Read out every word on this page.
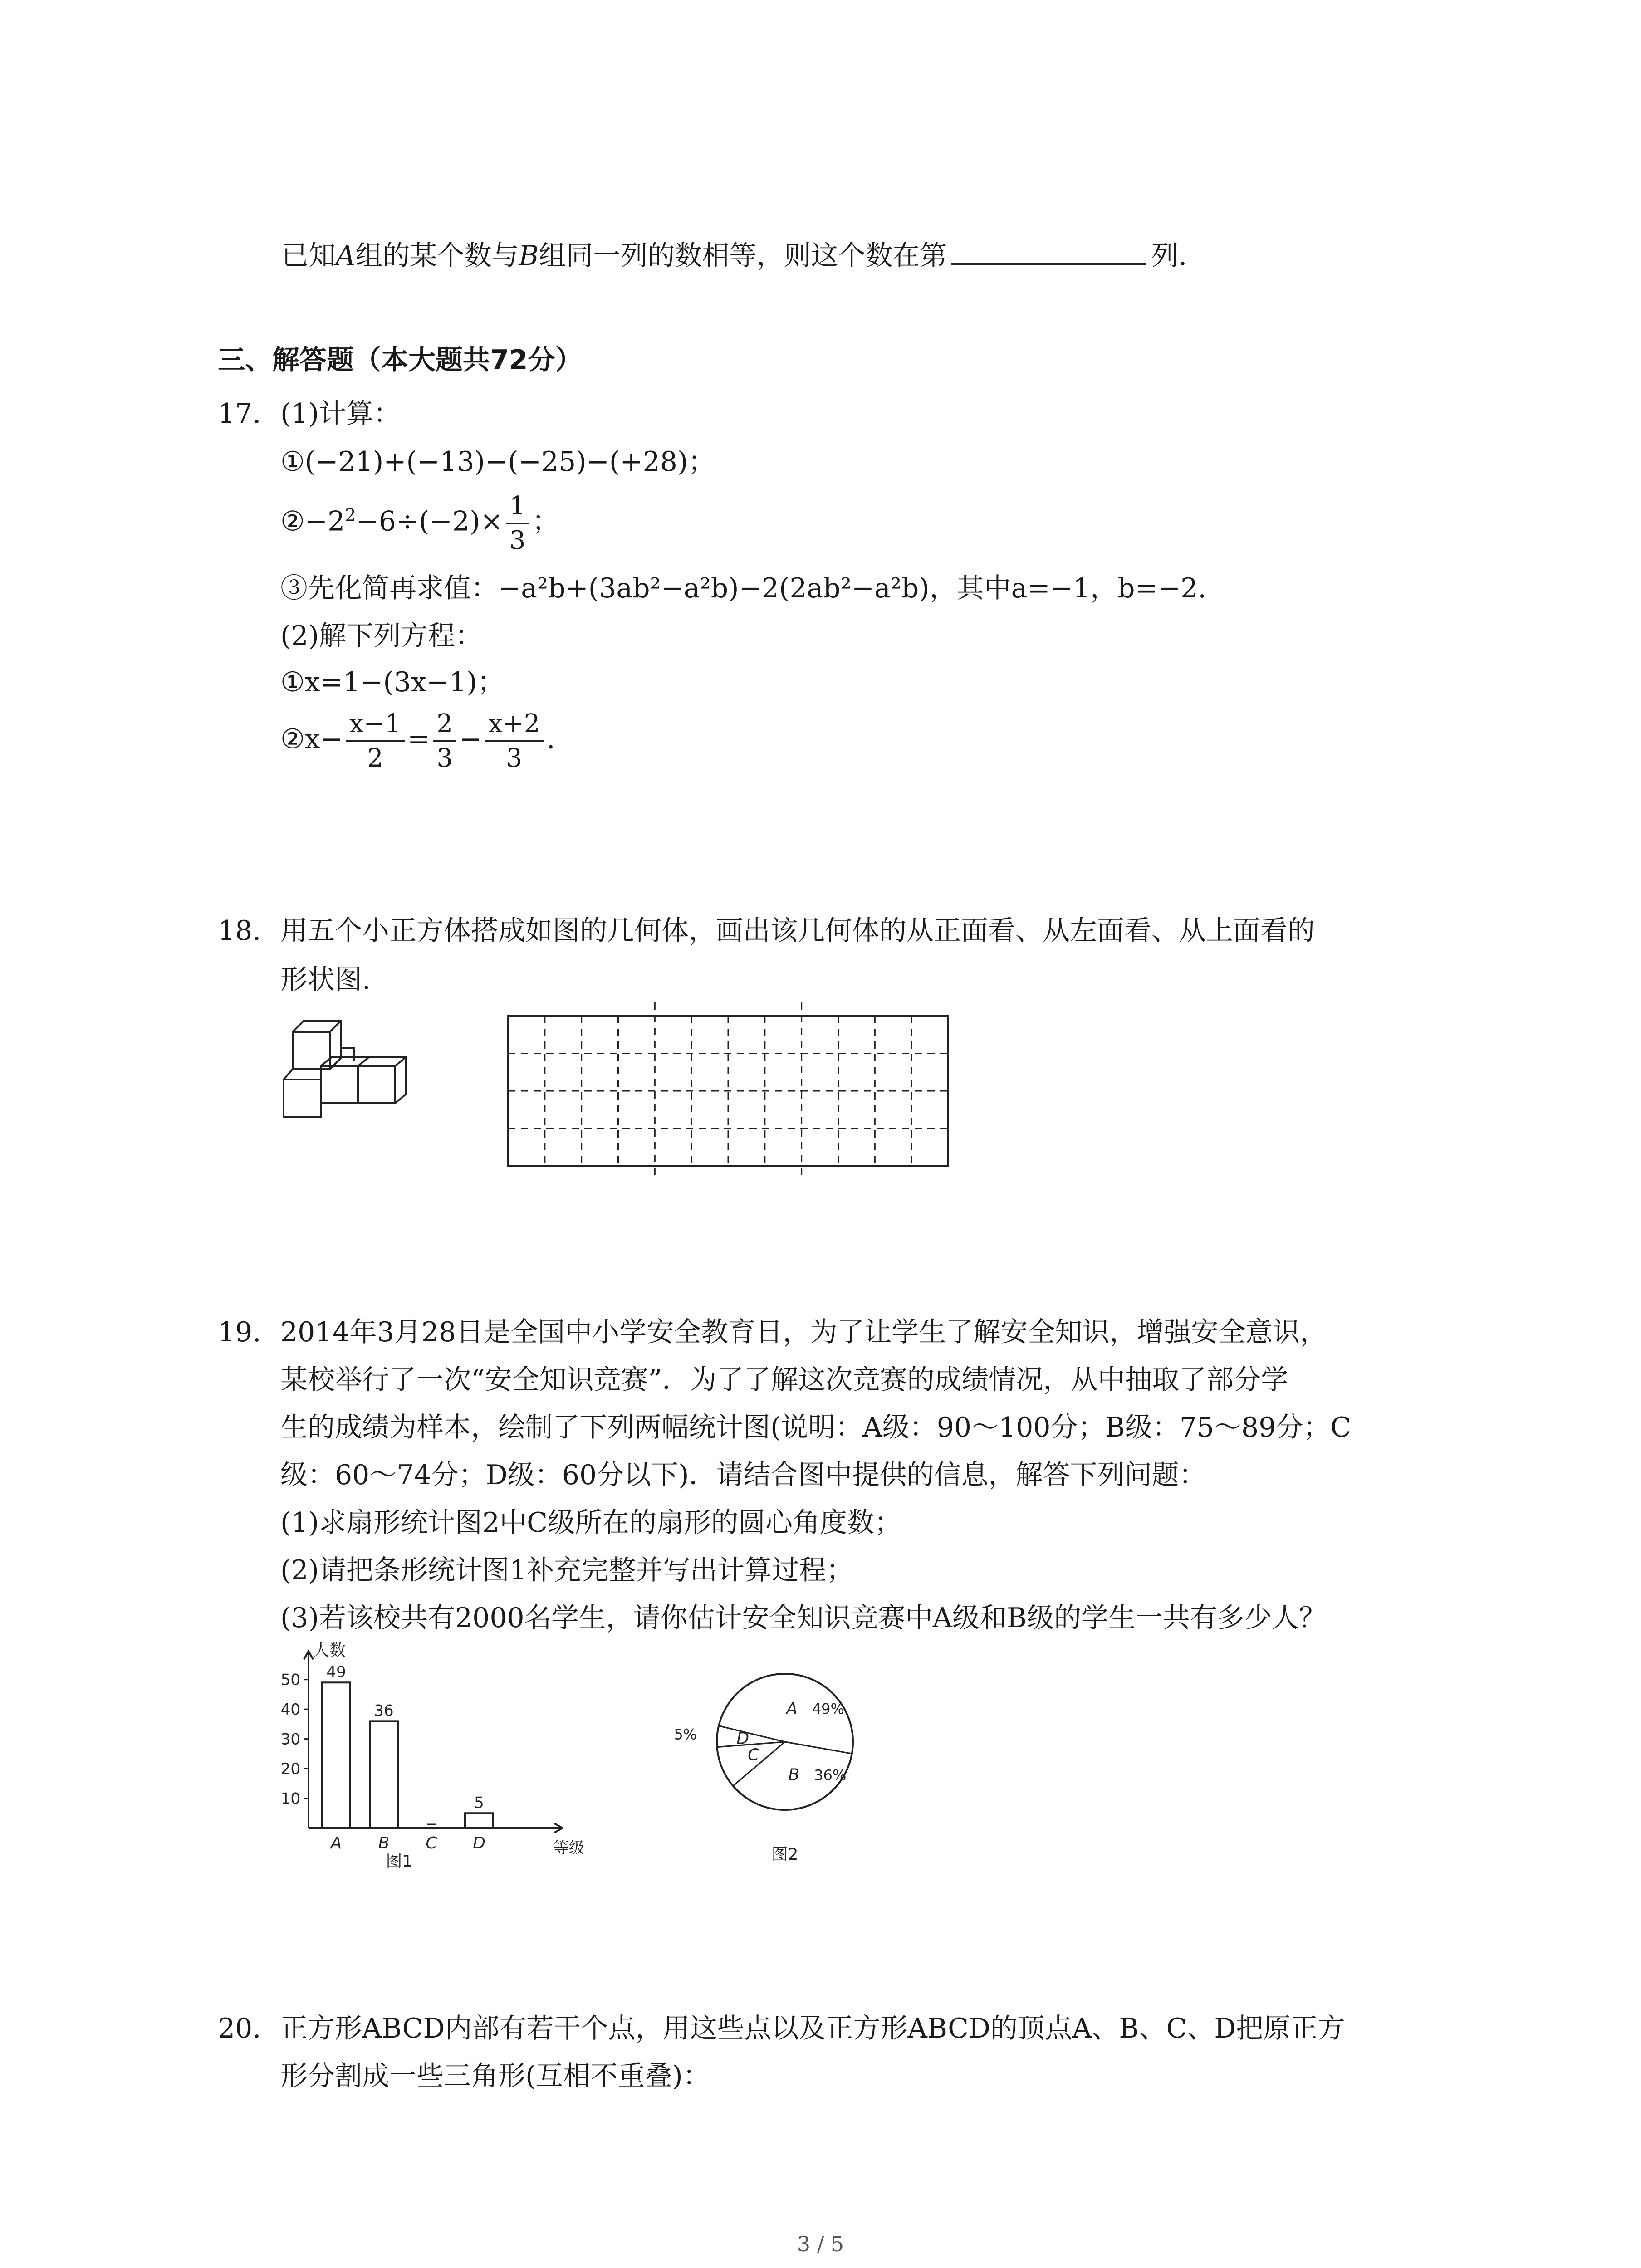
已知A组的某个数与B组同一列的数相等，则这个数在第	列.
三、解答题（本大题共72分）
17. (1)计算：
①(−21)+(−13)−(−25)−(+28)；
$②-2^2-6\div(-2)\times \frac{1}{3}$ ；
③先化简再求值：−a²b+(3ab²−a²b)−2(2ab²−a²b)，其中a=−1，b=−2.
(2)解下列方程：
①x=1−(3x−1)；
②x− $\frac{x-1}{2} = \frac{2}{3} - \frac{x+2}{3}$ .
18. 用五个小正方体搭成如图的几何体，画出该几何体的从正面看、从左面看、从上面看的
形状图.
19. 2014年3月28日是全国中小学安全教育日，为了让学生了解安全知识，增强安全意识，
某校举行了一次“安全知识竞赛”．为了了解这次竞赛的成绩情况，从中抽取了部分学
生的成绩为样本，绘制了下列两幅统计图(说明：A级：90～100分；B级：75～89分；C
级：60～74分；D级：60分以下)．请结合图中提供的信息，解答下列问题：
(1)求扇形统计图2中C级所在的扇形的圆心角度数；
(2)请把条形统计图1补充完整并写出计算过程；
(3)若该校共有2000名学生，请你估计安全知识竞赛中A级和B级的学生一共有多少人？
人数
等级
10
20
30
40
50 49
A
36
B C
5
D
图1
B 36%
C
D
5%
A 49%
图2
20. 正方形ABCD内部有若干个点，用这些点以及正方形ABCD的顶点A、B、C、D把原正方
形分割成一些三角形(互相不重叠)：
3 / 5
